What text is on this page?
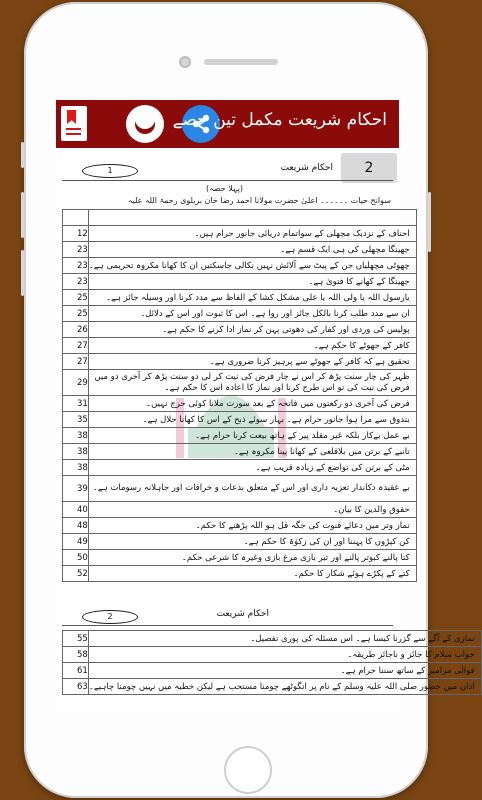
احکام شریعت مکمل تین حصے
2
1	احکام شریعت
(پہلا حصہ)
سوانح حیات ۔۔۔۔۔۔ اعلیٰ حضرت مولانا احمد رضا خان بریلوی رحمۃ اللہ علیہ

12	احناف کے نزدیک مچھلی کے سواتمام دریائی جانور حرام ہیں۔
23	جھینگا مچھلی کی ہی ایک قسم ہے۔
23	چھوٹی مچھلیاں جن کے پیٹ سے آلائش نہیں نکالی جاسکتیں ان کا کھانا مکروہ تحریمی ہے۔
23	جھینگا کے کھانے کا فتویٰ ہے۔
25	یارسول اللہ یا ولی اللہ یا علی مشکل کشا کے الفاظ سے مدد کرنا اور وسیلہ جائز ہے۔
25	ان سے مدد طلب کرنا بالکل جائز اور روا ہے۔ اس کا ثبوت اور اس کے دلائل۔
26	پولیس کی وردی اور کفار کی دھوتی پہن کر نماز ادا کرنے کا حکم ہے۔
27	کافر کے جھوٹے کا حکم ہے۔
27	تحقیق ہے کہ کافر کے جھوٹے سے پرہیز کرنا ضروری ہے۔
29	ظہر کی چار سنت پڑھ کر اس نے چار فرض کی نیت کر لی دو سنت پڑھ کر آخری دو میں فرض کی نیت کی تو اس طرح کرنا اور نماز کا اعادہ اس کا حکم ہے۔
31	فرض کی آخری دو رکعتوں میں فاتحہ کے بعد سورت ملانا کوئی حرج نہیں۔
35	بندوق سے مرا ہوا جانور حرام ہے۔ بہار سوئے ذبح کے اس کا کھانا حلال ہے۔
38	بے عمل بےکار بلکہ غیر مقلد پیر کے ہاتھ بیعت کرنا حرام ہے۔
38	تانبے کے برتن میں بلاقلعی کے کھانا پینا مکروہ ہے۔
38	مٹی کے برتن کی تواضع کے زیادہ قریب ہے۔
39	بے عقیدہ دکاندار تعزیہ داری اور اس کے متعلق بدعات و خرافات اور جاہلانہ رسومات ہے۔
40	حقوق والدین کا بیان۔
48	نماز وتر میں دعائے قنوت کی جگہ قل ہو اللہ پڑھنے کا حکم۔
49	کن کپڑوں کا پہننا اور ان کی زکوٰۃ کا حکم ہے۔
50	کتا پالنے کبوتر پالنے اور تیر بازی مرغ بازی وغیرہ کا شرعی حکم۔
52	کتے کے پکڑے ہوئے شکار کا حکم۔
2	احکام شریعت
55	نمازی کے آگے سے گزرنا کیسا ہے۔ اس مسئلہ کی پوری تفصیل۔
58	جواب سلام کا جائز و ناجائز طریقہ۔
61	قوالی مزامیر کے ساتھ سننا حرام ہے۔
63	اذان میں حضور صلی اللہ علیہ وسلم کے نام پر انگوٹھے چومنا مستحب ہے لیکن خطبہ میں نہیں چومنا چاہیے۔
